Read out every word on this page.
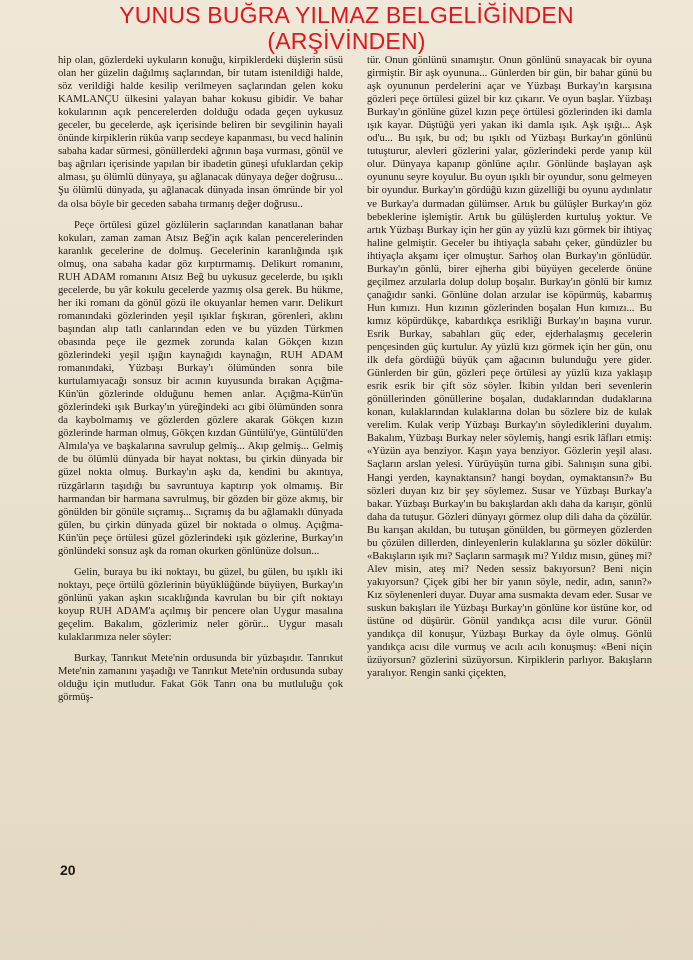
YUNUS BUĞRA YILMAZ BELGELİĞİNDEN
(ARŞİVİNDEN)

hip olan, gözlerdeki uykuların konuğu, kirpiklerdeki düşlerin süsü olan her güzelin dağılmış saçlarından, bir tutam istenildiği halde, söz verildiği halde kesilip verilmeyen saçlarından gelen koku KAMLANÇU ülkesini yalayan bahar kokusu gibidir. Ve bahar kokularının açık pencerelerden dolduğu odada geçen uykusuz geceler, bu gecelerde, aşk içerisinde beliren bir sevgilinin hayali önünde kirpiklerin rükûa varıp secdeye kapanması, bu vecd halinin sabaha kadar sürmesi, gönüllerdeki ağrının başa vurması, gönül ve baş ağrıları içerisinde yapılan bir ibadetin güneşi ufuklardan çekip alması, şu ölümlü dünyaya, şu ağlanacak dünyaya değer doğrusu... Şu ölümlü dünyada, şu ağlanacak dünyada insan ömründe bir yol da olsa böyle bir geceden sabaha tırmanış değer doğrusu..

Peçe örtülesi güzel gözlülerin saçlarından kanatlanan bahar kokuları, zaman zaman Atsız Beğ'in açık kalan pencerelerinden karanlık gecelerine de dolmuş. Gecelerinin karanlığında ışık olmuş, ona sabaha kadar göz kırptırmamış. Delikurt romanını, RUH ADAM romanını Atsız Beğ bu uykusuz gecelerde, bu ışıklı gecelerde, bu yâr kokulu gecelerde yazmış olsa gerek. Bu hükme, her iki romanı da gönül gözü ile okuyanlar hemen varır. Delikurt romanındaki gözlerinden yeşil ışıklar fışkıran, görenleri, aklını başından alıp tatlı canlarından eden ve bu yüzden Türkmen obasında peçe ile gezmek zorunda kalan Gökçen kızın gözlerindeki yeşil ışığın kaynağıdı kaynağın, RUH ADAM romanındaki, Yüzbaşı Burkay'ı ölümünden sonra bile kurtulamıyacağı sonsuz bir acının kuyusunda bırakan Açığma-Kün'ün gözlerinde olduğunu hemen anlar. Açığma-Kün'ün gözlerindeki ışık Burkay'ın yüreğindeki acı gibi ölümünden sonra da kaybolmamış ve gözlerden gözlere akarak Gökçen kızın gözlerinde harman olmuş, Gökçen kızdan Güntülü'ye, Güntülü'den Almıla'ya ve başkalarına savrulup gelmiş... Akıp gelmiş... Gelmiş de bu ölümlü dünyada bir hayat noktası, bu çirkin dünyada bir güzel nokta olmuş. Burkay'ın aşkı da, kendini bu akıntıya, rüzgârların taşıdığı bu savruntuya kaptırıp yok olmamış. Bir harmandan bir harmana savrulmuş, bir gözden bir göze akmış, bir gönülden bir gönüle sıçramış... Sıçramış da bu ağlamaklı dünyada gülen, bu çirkin dünyada güzel bir noktada o olmuş. Açığma-Kün'ün peçe örtülesi güzel gözlerindeki ışık gözlerine, Burkay'ın gönlündeki sonsuz aşk da roman okurken gönlünüze dolsun...

Gelin, buraya bu iki noktayı, bu güzel, bu gülen, bu ışıklı iki noktayı, peçe örtülü gözlerinin büyüklüğünde büyüyen, Burkay'ın gönlünü yakan aşkın sıcaklığında kavrulan bu bir çift noktayı koyup RUH ADAM'a açılmış bir pencere olan Uygur masalına geçelim. Bakalım, gözlerimiz neler görür... Uygur masalı kulaklarımıza neler söyler:

Burkay, Tanrıkut Mete'nin ordusunda bir yüzbaşıdır. Tanrıkut Mete'nin zamanını yaşadığı ve Tanrıkut Mete'nin ordusunda subay olduğu için mutludur. Fakat Gök Tanrı ona bu mutluluğu çok görmüş-

tür. Onun gönlünü sınamıştır. Onun gönlünü sınayacak bir oyuna girmiştir. Bir aşk oyununa... Günlerden bir gün, bir bahar günü bu aşk oyununun perdelerini açar ve Yüzbaşı Burkay'ın karşısına gözleri peçe örtülesi güzel bir kız çıkarır. Ve oyun başlar. Yüzbaşı Burkay'ın gönlüne güzel kızın peçe örtülesi gözlerinden iki damla ışık kayar. Düştüğü yeri yakan iki damla ışık. Aşk ışığı... Aşk od'u... Bu ışık, bu od; bu ışıklı od Yüzbaşı Burkay'ın gönlünü tutuşturur, alevleri gözlerini yalar, gözlerindeki perde yanıp kül olur. Dünyaya kapanıp gönlüne açılır. Gönlünde başlayan aşk oyununu seyre koyulur. Bu oyun ışıklı bir oyundur, sonu gelmeyen bir oyundur. Burkay'ın gördüğü kızın güzelliği bu oyunu aydınlatır ve Burkay'a durmadan gülümser. Artık bu gülüşler Burkay'ın göz bebeklerine işlemiştir. Artık bu gülüşlerden kurtuluş yoktur. Ve artık Yüzbaşı Burkay için her gün ay yüzlü kızı görmek bir ihtiyaç haline gelmiştir. Geceler bu ihtiyaçla sabahı çeker, gündüzler bu ihtiyaçla akşamı içer olmuştur. Sarhoş olan Burkay'ın gönlüdür. Burkay'ın gönlü, birer ejherha gibi büyüyen gecelerde önüne geçilmez arzularla dolup dolup boşalır. Burkay'ın gönlü bir kımız çanağıdır sanki. Gönlüne dolan arzular ise köpürmüş, kabarmış Hun kımızı. Hun kızının gözlerinden boşalan Hun kımızı... Bu kımız köpürdükçe, kabardıkça esrikliği Burkay'ın başına vurur. Esrik Burkay, sabahları güç eder, ejderhalaşmış gecelerin pençesinden güç kurtulur. Ay yüzlü kızı görmek için her gün, onu ilk defa gördüğü büyük çam ağacının bulunduğu yere gider. Günlerden bir gün, gözleri peçe örtülesi ay yüzlü kıza yaklaşıp esrik esrik bir çift söz söyler. İkibin yıldan beri sevenlerin gönüllerinden gönüllerine boşalan, dudaklarından dudaklarına konan, kulaklarından kulaklarına dolan bu sözlere biz de kulak verelim. Kulak verip Yüzbaşı Burkay'ın söylediklerini duyalım. Bakalım, Yüzbaşı Burkay neler söylemiş, hangi esrik lâfları etmiş: «Yüzün aya benziyor. Kaşın yaya benziyor. Gözlerin yeşil alası. Saçların arslan yelesi. Yürüyüşün turna gibi. Salınışın suna gibi. Hangi yerden, kaynaktansın? hangi boydan, oymaktansın?» Bu sözleri duyan kız bir şey söylemez. Susar ve Yüzbaşı Burkay'a bakar. Yüzbaşı Burkay'ın bu bakışlardan aklı daha da karışır, gönlü daha da tutuşur. Gözleri dünyayı görmez olup dili daha da çözülür. Bu karışan akıldan, bu tutuşan gönülden, bu görmeyen gözlerden bu çözülen dillerden, dinleyenlerin kulaklarına şu sözler dökülür: «Bakışların ışık mı? Saçların sarmaşık mı? Yıldız mısın, güneş mi? Alev misin, ateş mi? Neden sessiz bakıyorsun? Beni niçin yakıyorsun? Çiçek gibi her bir yanın söyle, nedir, adın, sanın?» Kız söylenenleri duyar. Duyar ama susmakta devam eder. Susar ve suskun bakışları ile Yüzbaşı Burkay'ın gönlüne kor üstüne kor, od üstüne od düşürür. Gönül yandıkça acısı dile vurur. Gönül yandıkça dil konuşur, Yüzbaşı Burkay da öyle olmuş. Gönlü yandıkça acısı dile vurmuş ve acılı acılı konuşmuş: «Beni niçin üzüyorsun? gözlerini süzüyorsun. Kirpiklerin parlıyor. Bakışların yaralıyor. Rengin sanki çiçekten,

20
